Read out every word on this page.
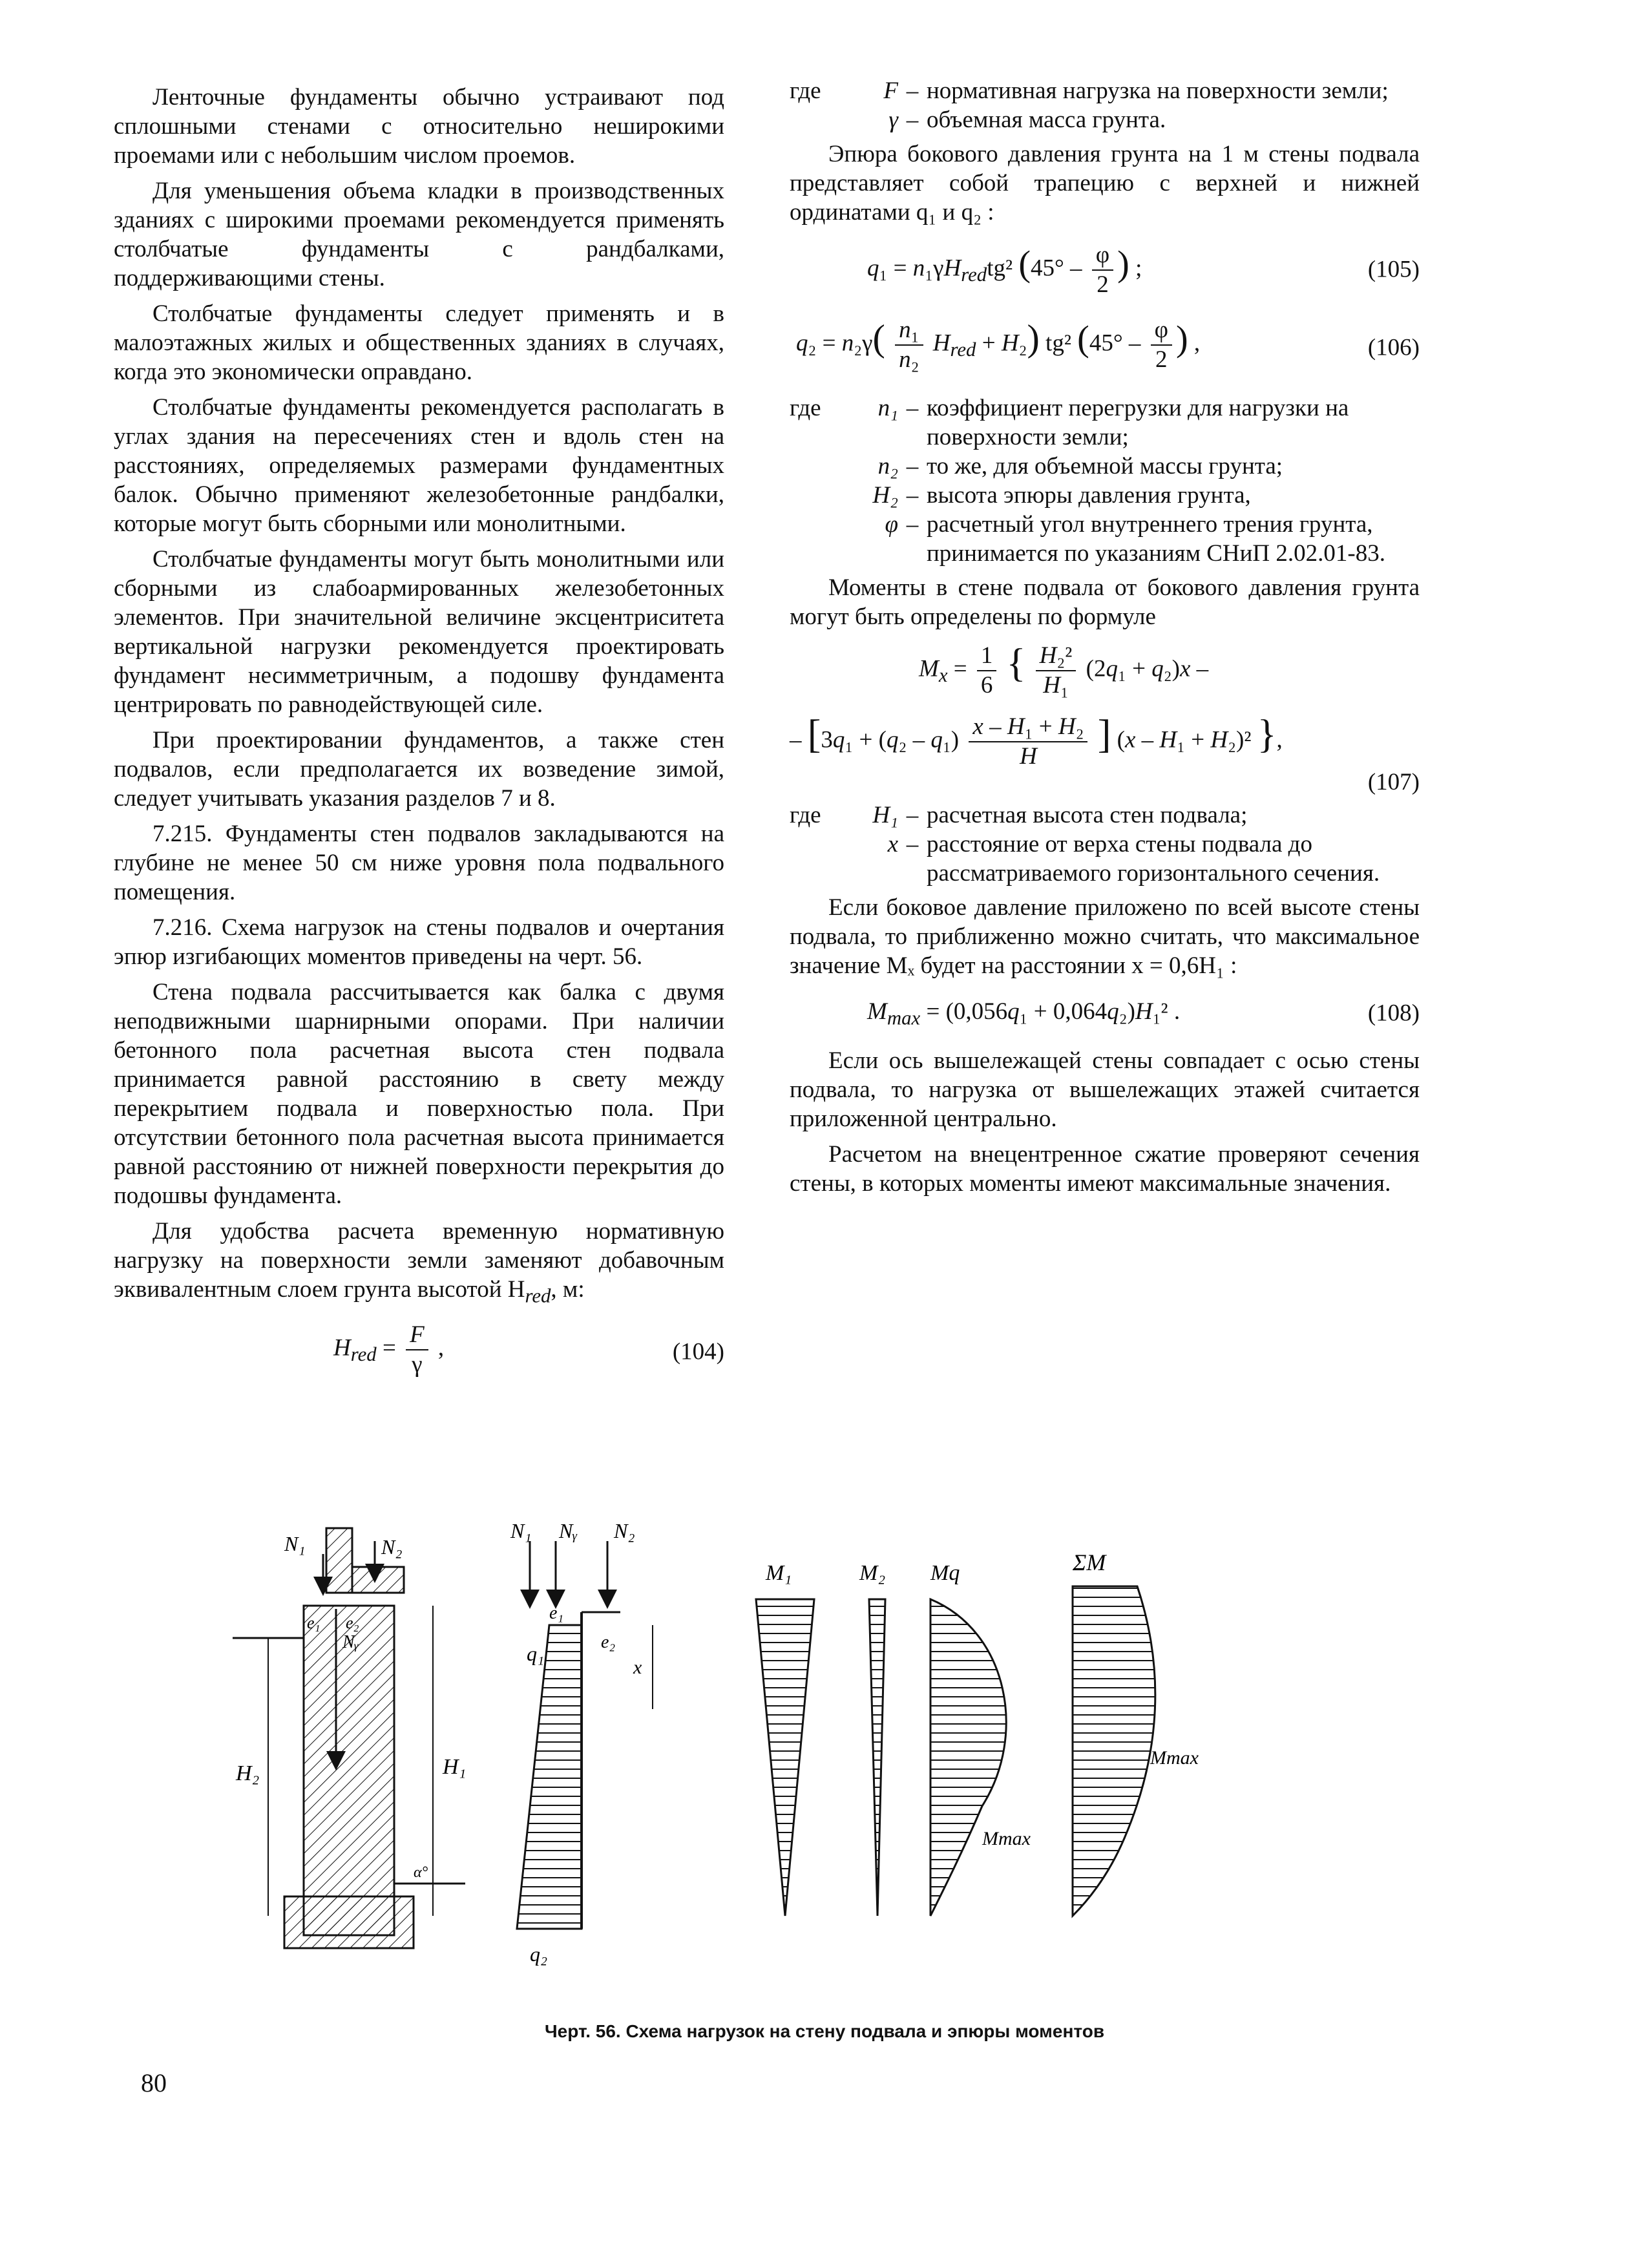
Ленточные фундаменты обычно устраивают под сплошными стенами с относительно неширокими проемами или с небольшим числом проемов.

Для уменьшения объема кладки в производственных зданиях с широкими проемами рекомендуется применять столбчатые фундаменты с рандбалками, поддерживающими стены.

Столбчатые фундаменты следует применять и в малоэтажных жилых и общественных зданиях в случаях, когда это экономически оправдано.

Столбчатые фундаменты рекомендуется располагать в углах здания на пересечениях стен и вдоль стен на расстояниях, определяемых размерами фундаментных балок. Обычно применяют железобетонные рандбалки, которые могут быть сборными или монолитными.

Столбчатые фундаменты могут быть монолитными или сборными из слабоармированных железобетонных элементов. При значительной величине эксцентриситета вертикальной нагрузки рекомендуется проектировать фундамент несимметричным, а подошву фундамента центрировать по равнодействующей силе.

При проектировании фундаментов, а также стен подвалов, если предполагается их возведение зимой, следует учитывать указания разделов 7 и 8.

7.215. Фундаменты стен подвалов закладываются на глубине не менее 50 см ниже уровня пола подвального помещения.

7.216. Схема нагрузок на стены подвалов и очертания эпюр изгибающих моментов приведены на черт. 56.

Стена подвала рассчитывается как балка с двумя неподвижными шарнирными опорами. При наличии бетонного пола расчетная высота стен подвала принимается равной расстоянию в свету между перекрытием подвала и поверхностью пола. При отсутствии бетонного пола расчетная высота принимается равной расстоянию от нижней поверхности перекрытия до подошвы фундамента.

Для удобства расчета временную нормативную нагрузку на поверхности земли заменяют добавочным эквивалентным слоем грунта высотой $H_{red}$, м:

$H_{red} = \frac{F}{\gamma}$ ,	(104)
где	F – нормативная нагрузка на поверхности земли;
γ – объемная масса грунта.

Эпюра бокового давления грунта на 1 м стены подвала представляет собой трапецию с верхней и нижней ординатами q₁ и q₂ :

$q_1 = n_1\gamma H_{red}tg^2$ ($45^\circ - \frac{\varphi}{2}$ ) ;	(105)
$q_2 = n_2\gamma( \frac{\text{n₁}}{\text{n₂}} H_{red} + H_2)$ tg² ($45^\circ - \frac{\varphi}{2}$ ) ,	(106)
где	n₁ – коэффициент перегрузки для нагрузки на поверхности земли;
n₂ – то же, для объемной массы грунта;
H₂ – высота эпюры давления грунта,
φ – расчетный угол внутреннего трения грунта, принимается по указаниям СНиП 2.02.01-83.

Моменты в стене подвала от бокового давления грунта могут быть определены по формуле

$M_x = \frac{1}{6}$ { $\frac{\text{H₂²}}{\text{H₁}} (2q_1 + q_2)x$ –
– [$3q_1 + (q_2 - q_1) \frac{\text{x – H₁ + H₂}}{H}$ ] (x – H₁ + H₂)² },
(107)
где	H₁ – расчетная высота стен подвала;
x – расстояние от верха стены подвала до рассматриваемого горизонтального сечения.

Если боковое давление приложено по всей высоте стены подвала, то приближенно можно считать, что максимальное значение Mₓ будет на расстоянии x = 0,6H₁ :

$M_{max} = (0,056q_1 + 0,064q_2)H_1^2$ .	(108)

Если ось вышележащей стены совпадает с осью стены подвала, то нагрузка от вышележащих этажей считается приложенной центрально.

Расчетом на внецентренное сжатие проверяют сечения стены, в которых моменты имеют максимальные значения.

N₁	N₂
Nᵧ
e₁ e₂
H₁
H₂
α°
N₁ Nᵧ N₂
e₁
e₂
q₁
q₂
x
M₁	M₂ Mq
Mmax
ΣM
Mmax
Черт. 56. Схема нагрузок на стену подвала и эпюры моментов
80
